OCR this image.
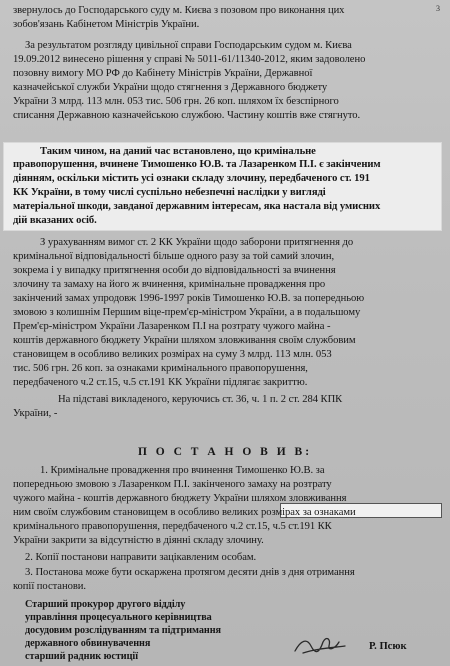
3
звернулось до Господарського суду м. Києва з позовом про виконання цих
зобов'язань Кабінетом Міністрів України.
За результатом розгляду цивільної справи Господарським судом м. Києва
19.09.2012 винесено рішення у справі № 5011-61/11340-2012, яким задоволено
позовну вимогу МО РФ до Кабінету Міністрів України, Державної
казначейської служби України щодо стягнення з Державного бюджету
України 3 млрд. 113 млн. 053 тис. 506 грн. 26 коп. шляхом їх безспірного
списання Державною казначейською службою. Частину коштів вже стягнуто.
Таким чином, на даний час встановлено, що кримінальне
правопорушення, вчинене Тимошенко Ю.В. та Лазаренком П.І. є закінченим
діянням, оскільки містить усі ознаки складу злочину, передбаченого ст. 191
КК України, в тому числі суспільно небезпечні наслідки у вигляді
матеріальної шкоди, завданої державним інтересам, яка настала від умисних
дій вказаних осіб.
З урахуванням вимог ст. 2 КК України щодо заборони притягнення до
кримінальної відповідальності більше одного разу за той самий злочин,
зокрема і у випадку притягнення особи до відповідальності за вчинення
злочину та замаху на його ж вчинення, кримінальне провадження про
закінчений замах упродовж 1996-1997 років Тимошенко Ю.В. за попередньою
змовою з колишнім Першим віце-прем'єр-міністром України, а в подальшому
Прем'єр-міністром України Лазаренком П.І на розтрату чужого майна -
коштів державного бюджету України шляхом зловживання своїм службовим
становищем в особливо великих розмірах на суму 3 млрд. 113 млн. 053
тис. 506 грн. 26 коп. за ознаками кримінального правопорушення,
передбаченого ч.2 ст.15, ч.5 ст.191 КК України підлягає закриттю.
На підставі викладеного, керуючись ст. 36, ч. 1 п. 2 ст. 284 КПК
України, -
1. Кримінальне провадження про вчинення Тимошенко Ю.В. за
попередньою змовою з Лазаренком П.І. закінченого замаху на розтрату
чужого майна - коштів державного бюджету України шляхом зловживання
ним своїм службовим становищем в особливо великих розмірах за ознаками
кримінального правопорушення, передбаченого ч.2 ст.15, ч.5 ст.191 КК
України закрити за відсутністю в діянні складу злочину.
2. Копії постанови направити зацікавленим особам.
3. Постанова може бути оскаржена протягом десяти днів з дня отримання
копії постанови.
П О С Т А Н О В И В:
Старший прокурор другого відділу
управління процесуального керівництва
досудовим розслідуванням та підтримання
державного обвинувачення
старший радник юстиції
Р. Псюк
